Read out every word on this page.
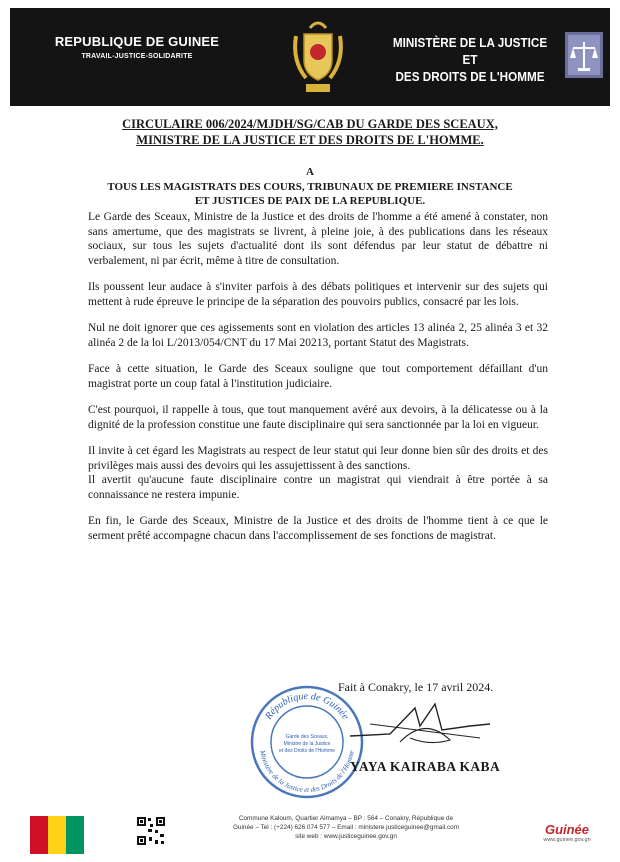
REPUBLIQUE DE GUINEE
TRAVAIL-JUSTICE-SOLIDARITE
MINISTÈRE DE LA JUSTICE ET
DES DROITS DE L'HOMME
CIRCULAIRE 006/2024/MJDH/SG/CAB DU GARDE DES SCEAUX,
MINISTRE DE LA JUSTICE ET DES DROITS DE L'HOMME.
A
TOUS LES MAGISTRATS DES COURS, TRIBUNAUX DE PREMIERE INSTANCE
ET JUSTICES DE PAIX DE LA REPUBLIQUE.

Le Garde des Sceaux, Ministre de la Justice et des droits de l'homme a été amené à constater, non sans amertume, que des magistrats se livrent, à pleine joie, à des publications dans les réseaux sociaux, sur tous les sujets d'actualité dont ils sont défendus par leur statut de débattre ni verbalement, ni par écrit, même à titre de consultation.

Ils poussent leur audace à s'inviter parfois à des débats politiques et intervenir sur des sujets qui mettent à rude épreuve le principe de la séparation des pouvoirs publics, consacré par les lois.

Nul ne doit ignorer que ces agissements sont en violation des articles 13 alinéa 2, 25 alinéa 3 et 32 alinéa 2 de la loi L/2013/054/CNT du 17 Mai 20213, portant Statut des Magistrats.

Face à cette situation, le Garde des Sceaux souligne que tout comportement défaillant d'un magistrat porte un coup fatal à l'institution judiciaire.

C'est pourquoi, il rappelle à tous, que tout manquement avéré aux devoirs, à la délicatesse ou à la dignité de la profession constitue une faute disciplinaire qui sera sanctionnée par la loi en vigueur.

Il invite à cet égard les Magistrats au respect de leur statut qui leur donne bien sûr des droits et des privilèges mais aussi des devoirs qui les assujettissent à des sanctions.

Il avertit qu'aucune faute disciplinaire contre un magistrat qui viendrait à être portée à sa connaissance ne restera impunie.

En fin, le Garde des Sceaux, Ministre de la Justice et des droits de l'homme tient à ce que le serment prêté accompagne chacun dans l'accomplissement de ses fonctions de magistrat.

République de Guinée
Ministère de la Justice et des Droits de l'Homme
Garde des Sceaux,
Ministre de la Justice
et des Droits de l'Homme
Fait à Conakry, le 17 avril 2024.
YAYA KAIRABA KABA
Commune Kaloum, Quartier Almamya – BP : 564 – Conakry, République de
Guinée – Tel : (+224) 626 074 577 – Email : ministere.justiceguinee@gmail.com
site web : www.justiceguinee.gov.gn	Guinée
www.guinee.gov.gn
